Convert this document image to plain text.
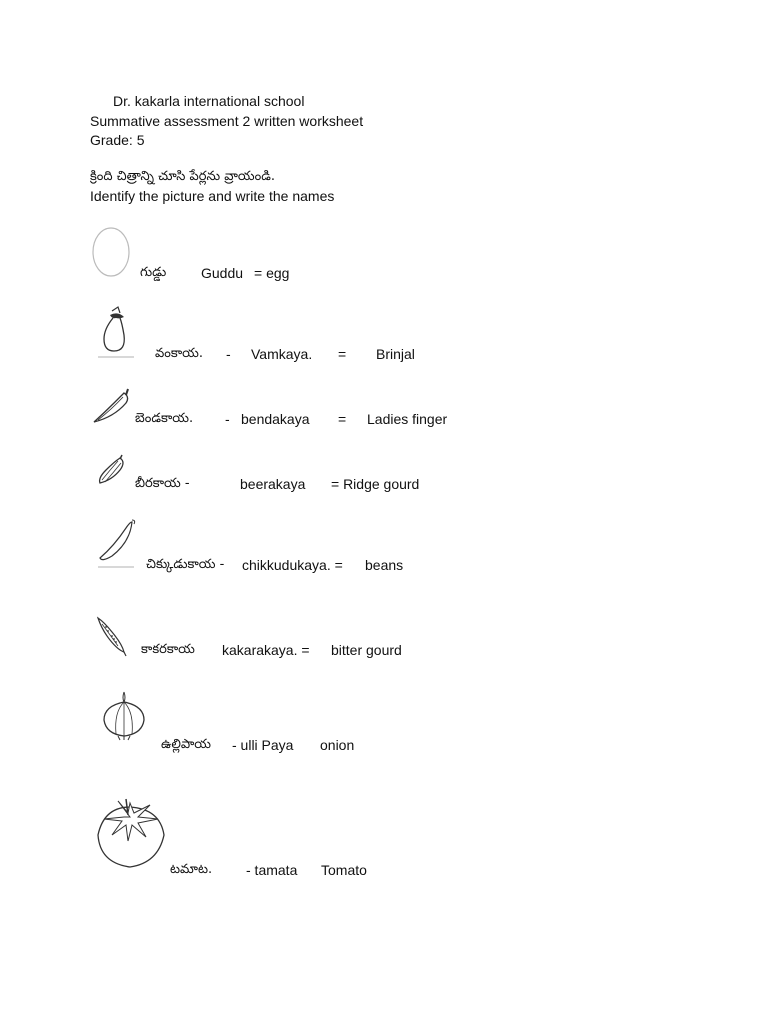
Dr. kakarla international school
Summative assessment 2 written worksheet
Grade: 5
క్రింది చిత్రాన్ని చూసి పేర్లను వ్రాయండి.
Identify the picture and write the names
గుడ్డు Guddu = egg
వంకాయ. - Vamkaya. = Brinjal
బెండకాయ. - bendakaya = Ladies finger
బీరకాయ -	beerakaya = Ridge gourd
చిక్కుడుకాయ - chikkudukaya. = beans
కాకరకాయ kakarakaya. = bitter gourd
ఉల్లిపాయ - ulli Paya onion
టమాట. - tamata Tomato
